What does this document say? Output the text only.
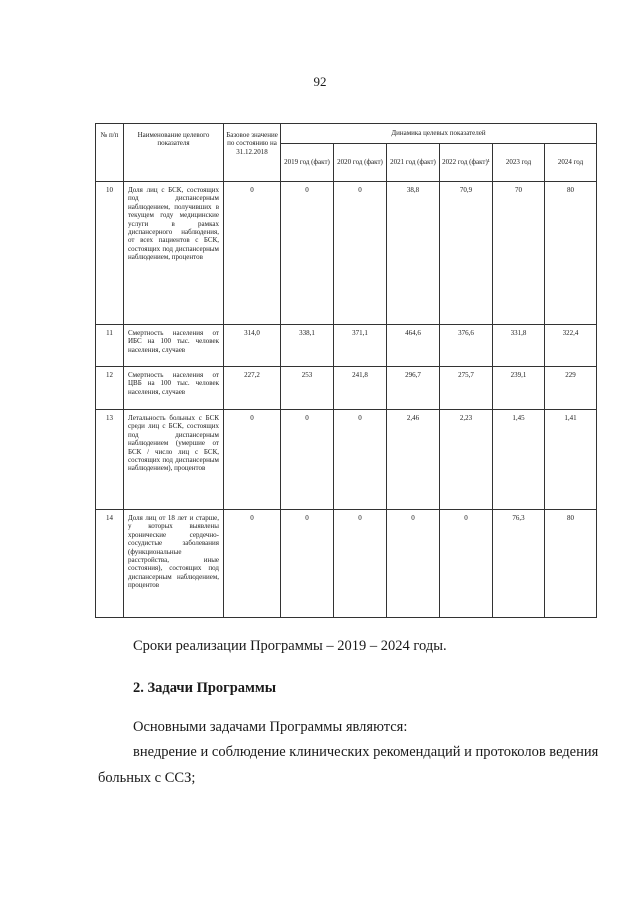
92
№ п/п	Наименование целевого показателя	Базовое значение по состоянию на 31.12.2018	Динамика целевых показателей					
			2019 год (факт)	2020 год (факт)	2021 год (факт)	2022 год (факт)¹	2023 год	2024 год
10	Доля лиц с БСК, состоящих под диспансерным наблюдением, получивших в текущем году медицинские услуги в рамках диспансерного наблюдения, от всех пациентов с БСК, состоящих под диспансерным наблюдением, процентов	0	0	0	38,8	70,9	70	80
11	Смертность населения от ИБС на 100 тыс. человек населения, случаев	314,0	338,1	371,1	464,6	376,6	331,8	322,4
12	Смертность населения от ЦВБ на 100 тыс. человек населения, случаев	227,2	253	241,8	296,7	275,7	239,1	229
13	Летальность больных с БСК среди лиц с БСК, состоящих под диспансерным наблюдением (умершие от БСК / число лиц с БСК, состоящих под диспансерным наблюдением), процентов	0	0	0	2,46	2,23	1,45	1,41
14	Доля лиц от 18 лет и старше, у которых выявлены хронические сердечно-сосудистые заболевания (функциональные расстройства, иные состояния), состоящих под диспансерным наблюдением, процентов	0	0	0	0	0	76,3	80
Сроки реализации Программы – 2019 – 2024 годы.
2. Задачи Программы
Основными задачами Программы являются:
внедрение и соблюдение клинических рекомендаций и протоколов ведения
больных с ССЗ;
